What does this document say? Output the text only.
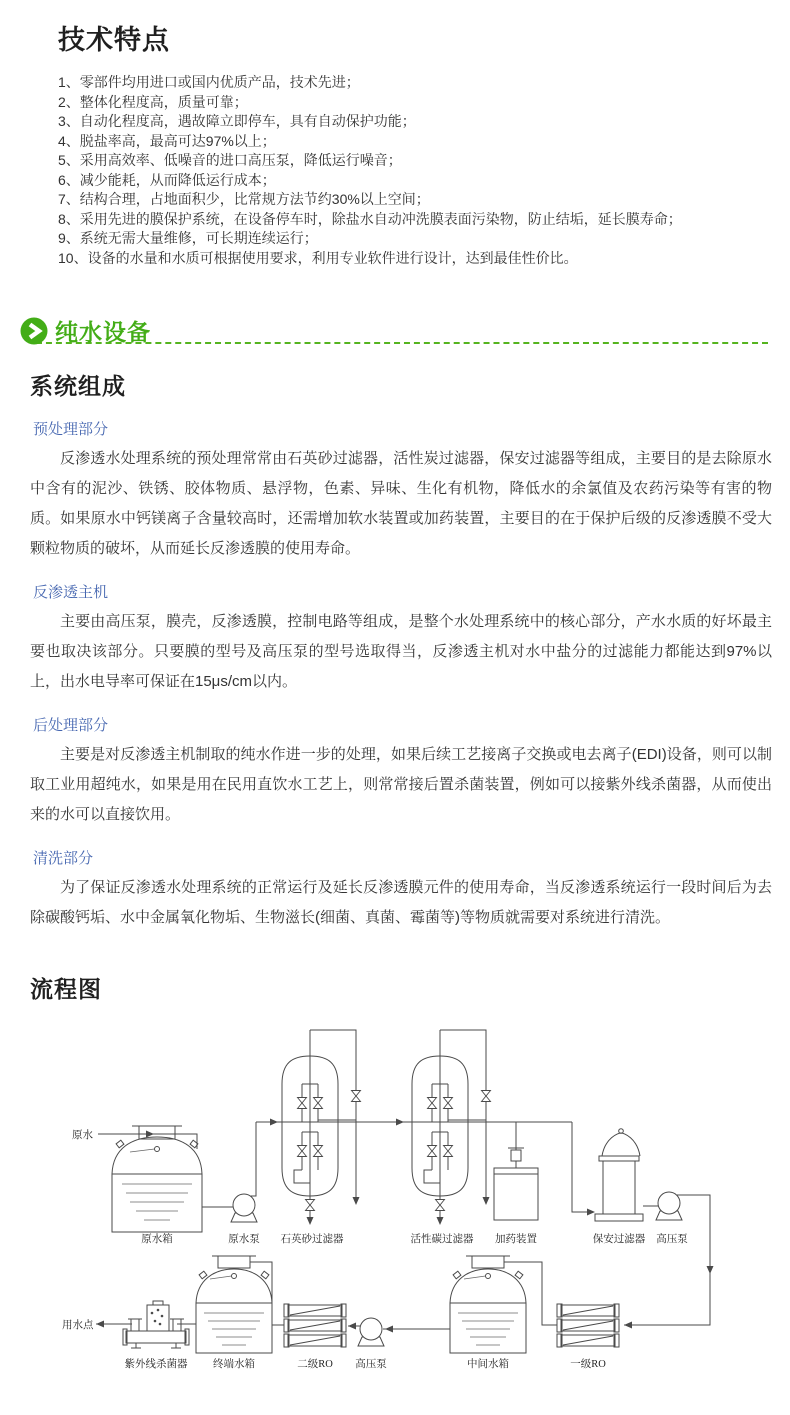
技术特点
1、零部件均用进口或国内优质产品，技术先进；
2、整体化程度高，质量可靠；
3、自动化程度高，遇故障立即停车，具有自动保护功能；
4、脱盐率高，最高可达97%以上；
5、采用高效率、低噪音的进口高压泵，降低运行噪音；
6、减少能耗，从而降低运行成本；
7、结构合理，占地面积少，比常规方法节约30%以上空间；
8、采用先进的膜保护系统，在设备停车时，除盐水自动冲洗膜表面污染物，防止结垢，延长膜寿命；
9、系统无需大量维修，可长期连续运行；
10、设备的水量和水质可根据使用要求，利用专业软件进行设计，达到最佳性价比。
纯水设备
系统组成
预处理部分

反渗透水处理系统的预处理常常由石英砂过滤器，活性炭过滤器，保安过滤器等组成，主要目的是去除原水中含有的泥沙、铁锈、胶体物质、悬浮物，色素、异味、生化有机物，降低水的余氯值及农药污染等有害的物质。如果原水中钙镁离子含量较高时，还需增加软水装置或加药装置，主要目的在于保护后级的反渗透膜不受大颗粒物质的破坏，从而延长反渗透膜的使用寿命。

反渗透主机

主要由高压泵，膜壳，反渗透膜，控制电路等组成，是整个水处理系统中的核心部分，产水水质的好坏最主要也取决该部分。只要膜的型号及高压泵的型号选取得当，反渗透主机对水中盐分的过滤能力都能达到97%以上，出水电导率可保证在15μs/cm以内。

后处理部分

主要是对反渗透主机制取的纯水作进一步的处理，如果后续工艺接离子交换或电去离子(EDI)设备，则可以制取工业用超纯水，如果是用在民用直饮水工艺上，则常常接后置杀菌装置，例如可以接紫外线杀菌器，从而使出来的水可以直接饮用。

清洗部分

为了保证反渗透水处理系统的正常运行及延长反渗透膜元件的使用寿命，当反渗透系统运行一段时间后为去除碳酸钙垢、水中金属氧化物垢、生物滋长(细菌、真菌、霉菌等)等物质就需要对系统进行清洗。

流程图
原水
用水点
原水箱	原水泵 石英砂过滤器	活性碳过滤器 加药装置	保安过滤器 高压泵
紫外线杀菌器 终端水箱	二级RO 高压泵	中间水箱	一级RO
